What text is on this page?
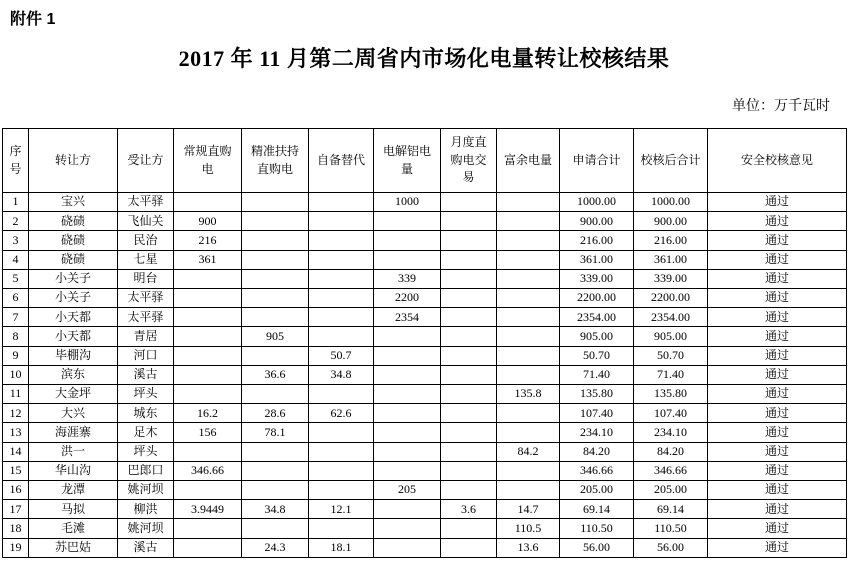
附件 1
2017 年 11 月第二周省内市场化电量转让校核结果
单位：万千瓦时
序号	转让方	受让方	常规直购电	精准扶持直购电	自备替代	电解铝电量	月度直购电交易	富余电量	申请合计	校核后合计	安全校核意见
1	宝兴	太平驿				1000			1000.00	1000.00	通过
2	硗碛	飞仙关	900						900.00	900.00	通过
3	硗碛	民治	216						216.00	216.00	通过
4	硗碛	七星	361						361.00	361.00	通过
5	小关子	明台				339			339.00	339.00	通过
6	小关子	太平驿				2200			2200.00	2200.00	通过
7	小天都	太平驿				2354			2354.00	2354.00	通过
8	小天都	青居		905					905.00	905.00	通过
9	毕棚沟	河口			50.7				50.70	50.70	通过
10	滨东	溪古		36.6	34.8				71.40	71.40	通过
11	大金坪	坪头						135.8	135.80	135.80	通过
12	大兴	城东	16.2	28.6	62.6				107.40	107.40	通过
13	海涯寨	足木	156	78.1					234.10	234.10	通过
14	洪一	坪头						84.2	84.20	84.20	通过
15	华山沟	巴郎口	346.66						346.66	346.66	通过
16	龙潭	姚河坝				205			205.00	205.00	通过
17	马拟	柳洪	3.9449	34.8	12.1		3.6	14.7	69.14	69.14	通过
18	毛滩	姚河坝						110.5	110.50	110.50	通过
19	苏巴姑	溪古		24.3	18.1			13.6	56.00	56.00	通过
